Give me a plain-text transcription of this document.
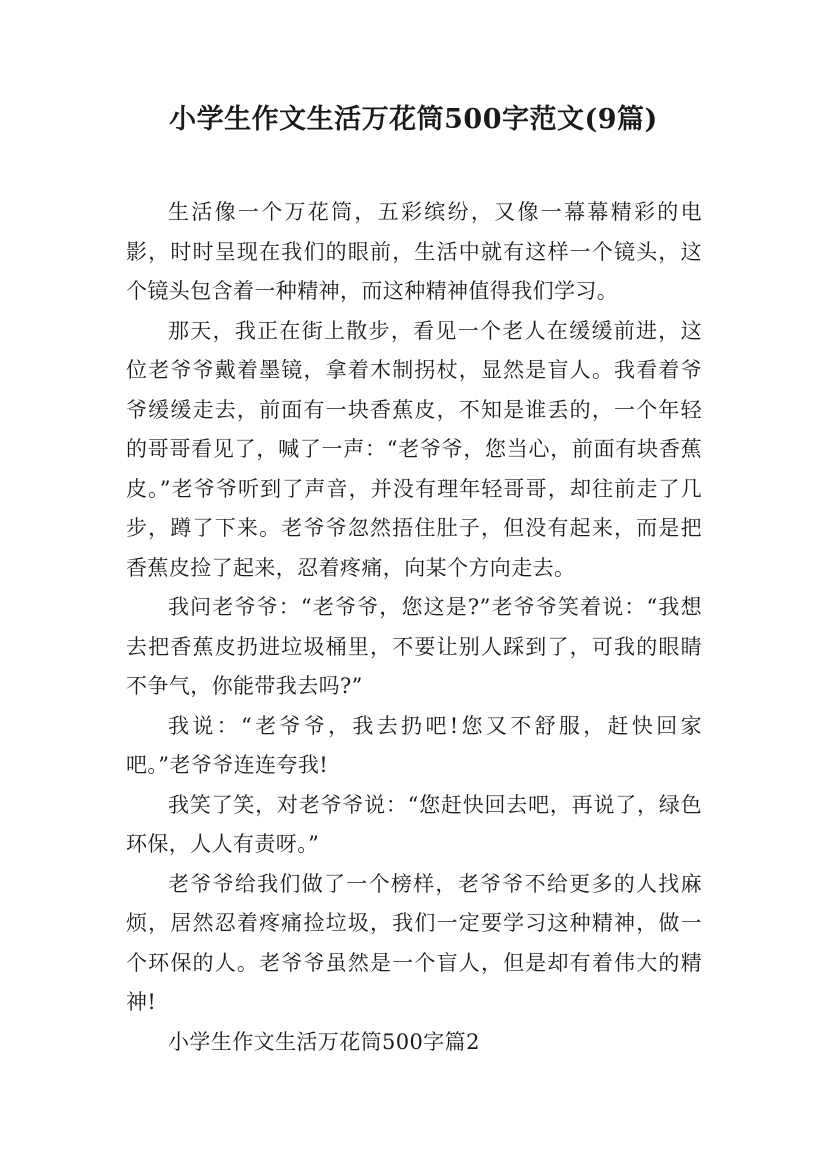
小学生作文生活万花筒500字范文(9篇)

生活像一个万花筒，五彩缤纷，又像一幕幕精彩的电影，时时呈现在我们的眼前，生活中就有这样一个镜头，这个镜头包含着一种精神，而这种精神值得我们学习。

那天，我正在街上散步，看见一个老人在缓缓前进，这位老爷爷戴着墨镜，拿着木制拐杖，显然是盲人。我看着爷爷缓缓走去，前面有一块香蕉皮，不知是谁丢的，一个年轻的哥哥看见了，喊了一声：“老爷爷，您当心，前面有块香蕉皮。”老爷爷听到了声音，并没有理年轻哥哥，却往前走了几步，蹲了下来。老爷爷忽然捂住肚子，但没有起来，而是把香蕉皮捡了起来，忍着疼痛，向某个方向走去。

我问老爷爷：“老爷爷，您这是?”老爷爷笑着说：“我想去把香蕉皮扔进垃圾桶里，不要让别人踩到了，可我的眼睛不争气，你能带我去吗?”

我说：“老爷爷，我去扔吧!您又不舒服，赶快回家吧。”老爷爷连连夸我!

我笑了笑，对老爷爷说：“您赶快回去吧，再说了，绿色环保，人人有责呀。”

老爷爷给我们做了一个榜样，老爷爷不给更多的人找麻烦，居然忍着疼痛捡垃圾，我们一定要学习这种精神，做一个环保的人。老爷爷虽然是一个盲人，但是却有着伟大的精神!

小学生作文生活万花筒500字篇2
